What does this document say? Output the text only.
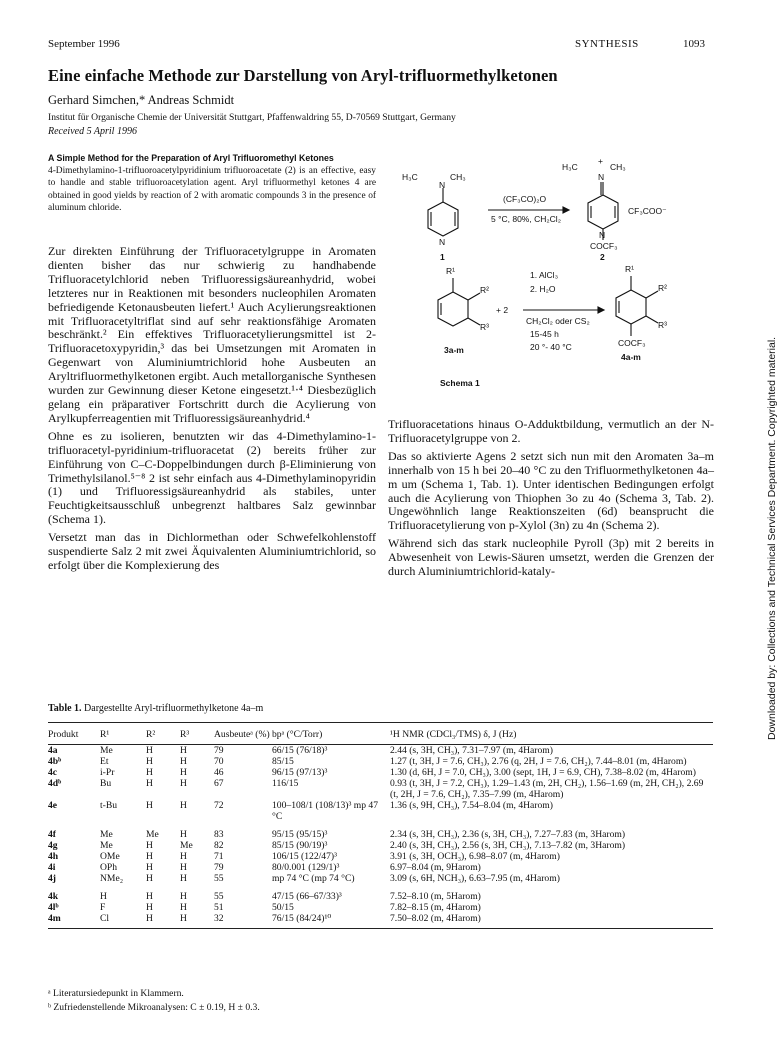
September 1996	SYNTHESIS	1093
Eine einfache Methode zur Darstellung von Aryl-trifluormethylketonen
Gerhard Simchen,* Andreas Schmidt
Institut für Organische Chemie der Universität Stuttgart, Pfaffenwaldring 55, D-70569 Stuttgart, Germany
Received 5 April 1996
A Simple Method for the Preparation of Aryl Trifluoromethyl Ketones
4-Dimethylamino-1-trifluoroacetylpyridinium trifluoroacetate (2) is an effective, easy to handle and stable trifluoroacetylation agent. Aryl trifluormethyl ketones 4 are obtained in good yields by reaction of 2 with aromatic compounds 3 in the presence of aluminum chloride.

Zur direkten Einführung der Trifluoracetylgruppe in Aromaten dienten bisher das nur schwierig zu handhabende Trifluoracetylchlorid neben Trifluoressigsäureanhydrid, wobei letzteres nur in Reaktionen mit besonders nucleophilen Aromaten befriedigende Ketonausbeuten liefert.¹ Auch Acylierungsreaktionen mit Trifluoracetyltriflat sind auf sehr reaktionsfähige Aromaten beschränkt.² Ein effektives Trifluoracetylierungsmittel ist 2-Trifluoracetoxypyridin,³ das bei Umsetzungen mit Aromaten in Gegenwart von Aluminiumtrichlorid hohe Ausbeuten an Aryltrifluormethylketonen ergibt. Auch metallorganische Synthesen wurden zur Gewinnung dieser Ketone eingesetzt.¹‧⁴ Diesbezüglich gelang ein präparativer Fortschritt durch die Acylierung von Arylkupferreagentien mit Trifluoressigsäureanhydrid.⁴

Ohne es zu isolieren, benutzten wir das 4-Dimethylamino-1-trifluoracetyl-pyridinium-trifluoracetat (2) bereits früher zur Einführung von C–C-Doppelbindungen durch β-Eliminierung von Trimethylsilanol.⁵⁻⁸ 2 ist sehr einfach aus 4-Dimethylaminopyridin (1) und Trifluoressigsäureanhydrid als stabiles, unter Feuchtigkeitsausschluß unbegrenzt haltbares Salz gewinnbar (Schema 1).

Versetzt man das in Dichlormethan oder Schwefelkohlenstoff suspendierte Salz 2 mit zwei Äquivalenten Aluminiumtrichlorid, so erfolgt über die Komplexierung des

H₃C	CH₃
N
N
1
(CF₃CO)₂O
5 °C, 80%, CH₂Cl₂
H₃C
+
CH₃
N
N
CF₃COO⁻
COCF₃
2
R¹
R²
R³
+ 2
1. AlCl₃
2. H₂O
CH₂Cl₂ oder CS₂
15-45 h
20 °- 40 °C
R¹
R²
R³
COCF₃
3a-m
4a-m
Schema 1

Trifluoracetations hinaus O-Adduktbildung, vermutlich an der N-Trifluoracetylgruppe von 2.

Das so aktivierte Agens 2 setzt sich nun mit den Aromaten 3a–m innerhalb von 15 h bei 20–40 °C zu den Trifluormethylketonen 4a–m um (Schema 1, Tab. 1). Unter identischen Bedingungen erfolgt auch die Acylierung von Thiophen 3o zu 4o (Schema 3, Tab. 2). Ungewöhnlich lange Reaktionszeiten (6d) beansprucht die Trifluoracetylierung von p-Xylol (3n) zu 4n (Schema 2).

Während sich das stark nucleophile Pyroll (3p) mit 2 bereits in Abwesenheit von Lewis-Säuren umsetzt, werden die Grenzen der durch Aluminiumtrichlorid-kataly-	Downloaded by: Collections and Technical Services Department. Copyrighted material.
Table 1. Dargestellte Aryl-trifluormethylketone 4a–m
Produkt	R¹	R²	R³	Ausbeuteᵃ (%)	bpᵃ (°C/Torr)	¹H NMR (CDCl₃/TMS) δ, J (Hz)
4a	Me	H	H	79	66/15 (76/18)³	2.44 (s, 3H, CH₃), 7.31–7.97 (m, 4Harom)
4bᵇ	Et	H	H	70	85/15	1.27 (t, 3H, J = 7.6, CH₃), 2.76 (q, 2H, J = 7.6, CH₂), 7.44–8.01 (m, 4Harom)
4c	i-Pr	H	H	46	96/15 (97/13)³	1.30 (d, 6H, J = 7.0, CH₃), 3.00 (sept, 1H, J = 6.9, CH), 7.38–8.02 (m, 4Harom)
4dᵇ	Bu	H	H	67	116/15	0.93 (t, 3H, J = 7.2, CH₃), 1.29–1.43 (m, 2H, CH₂), 1.56–1.69 (m, 2H, CH₂), 2.69 (t, 2H, J = 7.6, CH₂), 7.35–7.99 (m, 4Harom)
4e	t-Bu	H	H	72	100–108/1 (108/13)³ mp 47 °C	1.36 (s, 9H, CH₃), 7.54–8.04 (m, 4Harom)
4f	Me	Me	H	83	95/15 (95/15)³	2.34 (s, 3H, CH₃), 2.36 (s, 3H, CH₃), 7.27–7.83 (m, 3Harom)
4g	Me	H	Me	82	85/15 (90/19)³	2.40 (s, 3H, CH₃), 2.56 (s, 3H, CH₃), 7.13–7.82 (m, 3Harom)
4h	OMe	H	H	71	106/15 (122/47)³	3.91 (s, 3H, OCH₃), 6.98–8.07 (m, 4Harom)
4i	OPh	H	H	79	80/0.001 (129/1)³	6.97–8.04 (m, 9Harom)
4j	NMe₂	H	H	55	mp 74 °C (mp 74 °C)	3.09 (s, 6H, NCH₃), 6.63–7.95 (m, 4Harom)
4k	H	H	H	55	47/15 (66–67/33)³	7.52–8.10 (m, 5Harom)
4lᵇ	F	H	H	51	50/15	7.82–8.15 (m, 4Harom)
4m	Cl	H	H	32	76/15 (84/24)¹⁰	7.50–8.02 (m, 4Harom)
ᵃ Literatursiedepunkt in Klammern.
ᵇ Zufriedenstellende Mikroanalysen: C ± 0.19, H ± 0.3.
